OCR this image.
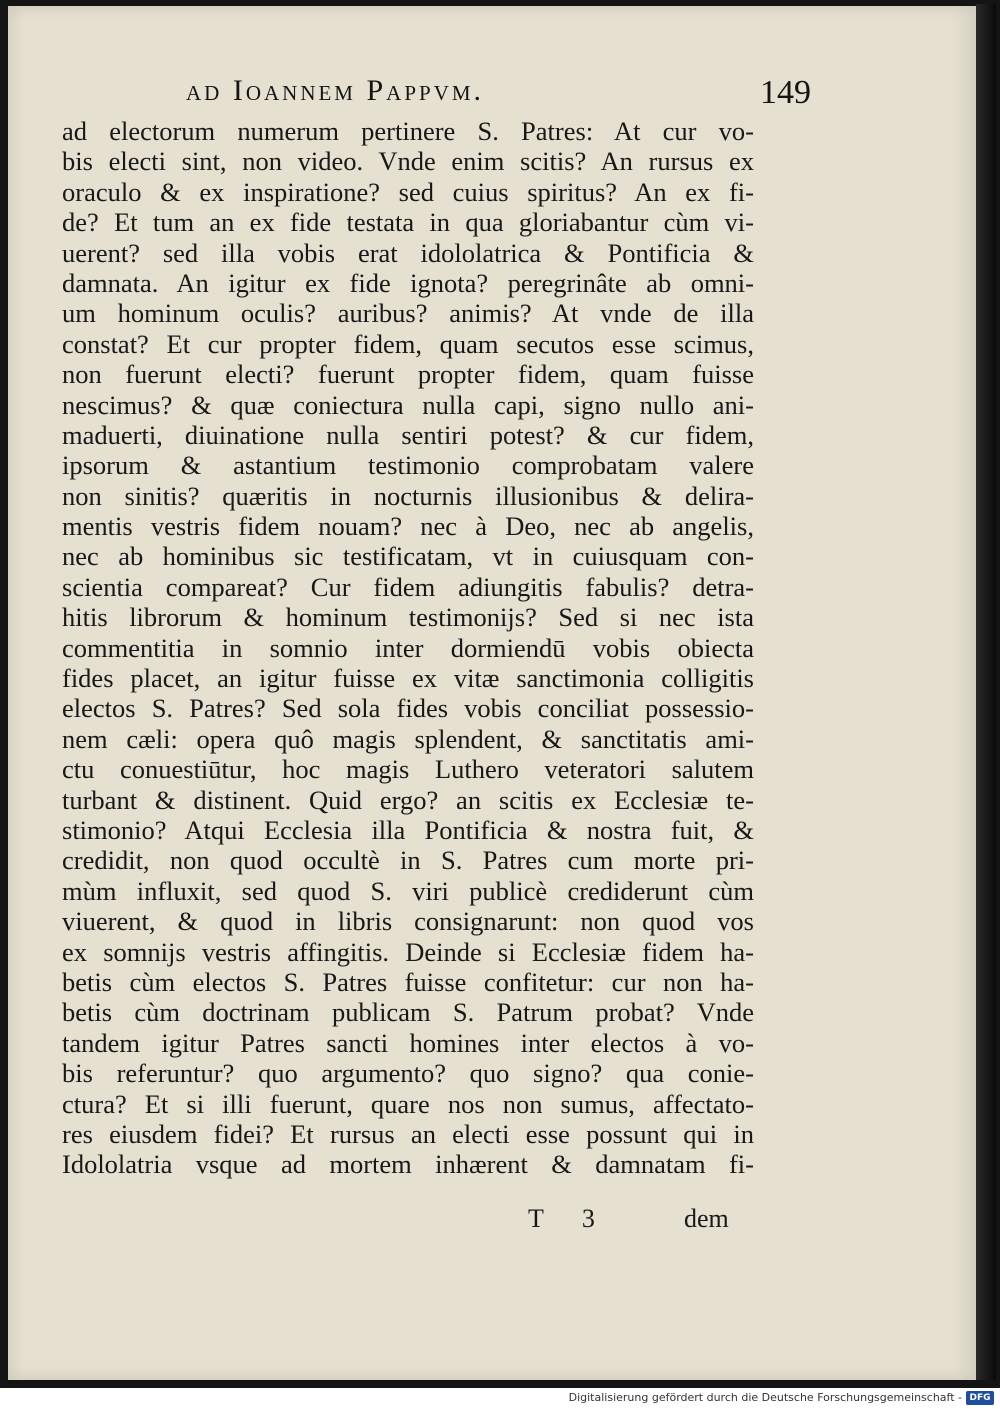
ad Ioannem Pappvm.	149
ad electorum numerum pertinere S. Patres: At cur vo-
bis electi sint, non video. Vnde enim scitis? An rursus ex
oraculo & ex inspiratione? sed cuius spiritus? An ex fi-
de? Et tum an ex fide testata in qua gloriabantur cùm vi-
uerent? sed illa vobis erat idololatrica & Pontificia &
damnata. An igitur ex fide ignota? peregrinâte ab omni-
um hominum oculis? auribus? animis? At vnde de illa
constat? Et cur propter fidem, quam secutos esse scimus,
non fuerunt electi? fuerunt propter fidem, quam fuisse
nescimus? & quæ coniectura nulla capi, signo nullo ani-
maduerti, diuinatione nulla sentiri potest? & cur fidem,
ipsorum & astantium testimonio comprobatam valere
non sinitis? quæritis in nocturnis illusionibus & delira-
mentis vestris fidem nouam? nec à Deo, nec ab angelis,
nec ab hominibus sic testificatam, vt in cuiusquam con-
scientia compareat? Cur fidem adiungitis fabulis? detra-
hitis librorum & hominum testimonijs? Sed si nec ista
commentitia in somnio inter dormiendū vobis obiecta
fides placet, an igitur fuisse ex vitæ sanctimonia colligitis
electos S. Patres? Sed sola fides vobis conciliat possessio-
nem cæli: opera quô magis splendent, & sanctitatis ami-
ctu conuestiūtur, hoc magis Luthero veteratori salutem
turbant & distinent. Quid ergo? an scitis ex Ecclesiæ te-
stimonio? Atqui Ecclesia illa Pontificia & nostra fuit, &
credidit, non quod occultè in S. Patres cum morte pri-
mùm influxit, sed quod S. viri publicè crediderunt cùm
viuerent, & quod in libris consignarunt: non quod vos
ex somnijs vestris affingitis. Deinde si Ecclesiæ fidem ha-
betis cùm electos S. Patres fuisse confitetur: cur non ha-
betis cùm doctrinam publicam S. Patrum probat? Vnde
tandem igitur Patres sancti homines inter electos à vo-
bis referuntur? quo argumento? quo signo? qua conie-
ctura? Et si illi fuerunt, quare nos non sumus, affectato-
res eiusdem fidei? Et rursus an electi esse possunt qui in
Idololatria vsque ad mortem inhærent & damnatam fi-
T 3	dem
Digitalisierung gefördert durch die Deutsche Forschungsgemeinschaft - DFG
